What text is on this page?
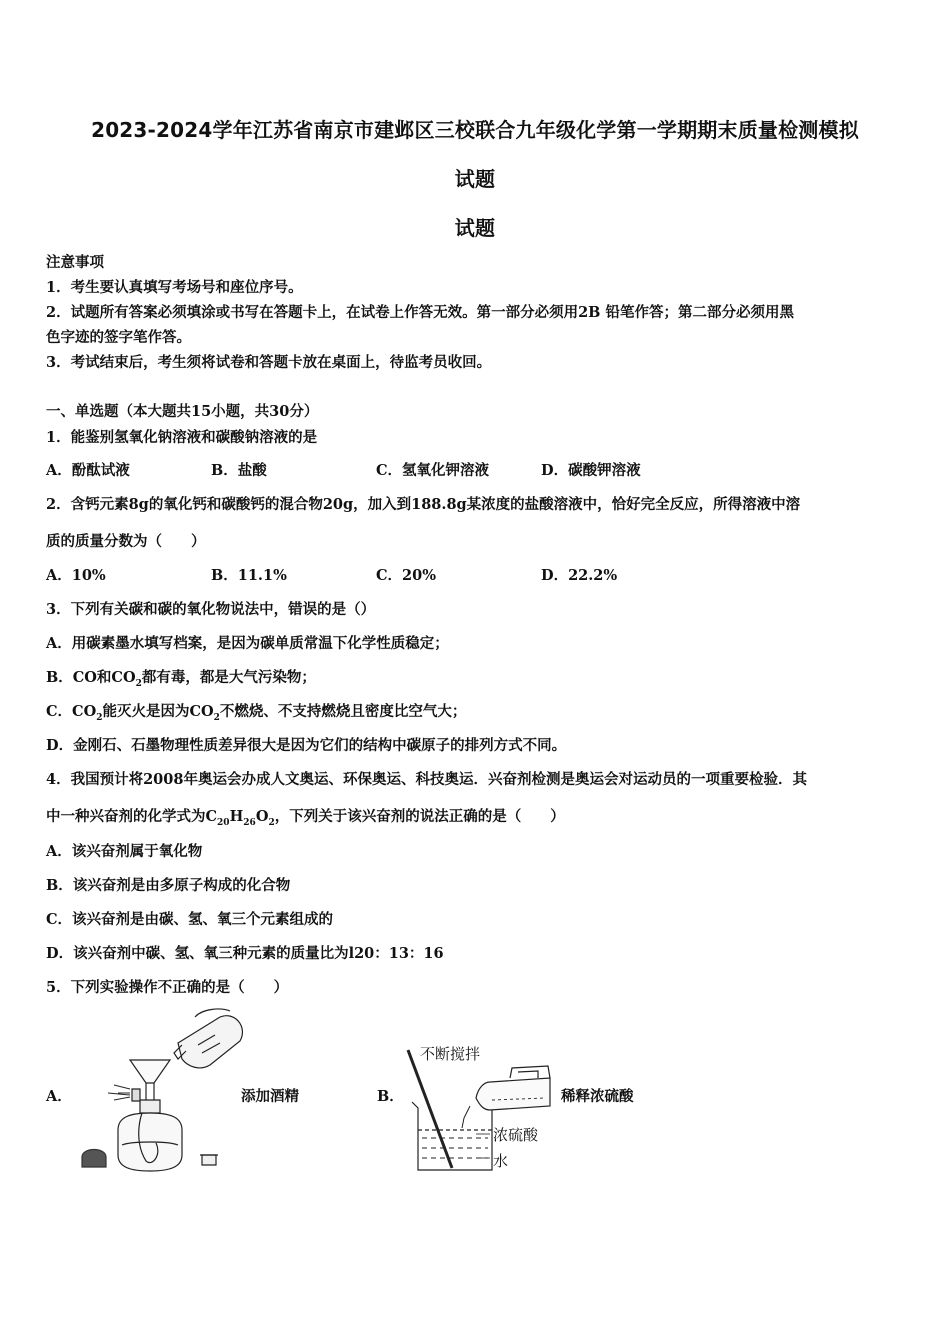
2023-2024学年江苏省南京市建邺区三校联合九年级化学第一学期期末质量检测模拟
试题
试题
注意事项
1．考生要认真填写考场号和座位序号。
2．试题所有答案必须填涂或书写在答题卡上，在试卷上作答无效。第一部分必须用2B 铅笔作答；第二部分必须用黑
色字迹的签字笔作答。
3．考试结束后，考生须将试卷和答题卡放在桌面上，待监考员收回。
一、单选题（本大题共15小题，共30分）
1．能鉴别氢氧化钠溶液和碳酸钠溶液的是
A．酚酞试液	B．盐酸	C．氢氧化钾溶液	D．碳酸钾溶液
2．含钙元素8g的氧化钙和碳酸钙的混合物20g，加入到188.8g某浓度的盐酸溶液中，恰好完全反应，所得溶液中溶
质的质量分数为（　　）
A．10%	B．11.1%	C．20%	D．22.2%
3．下列有关碳和碳的氧化物说法中，错误的是（）
A．用碳素墨水填写档案，是因为碳单质常温下化学性质稳定；
B．CO和$CO_2$都有毒，都是大气污染物；
C．$CO_2$能灭火是因为$CO_2$不燃烧、不支持燃烧且密度比空气大；
D．金刚石、石墨物理性质差异很大是因为它们的结构中碳原子的排列方式不同。
4．我国预计将2008年奥运会办成人文奥运、环保奥运、科技奥运．兴奋剂检测是奥运会对运动员的一项重要检验．其
中一种兴奋剂的化学式为$C_{20}H_{26}O_2$，下列关于该兴奋剂的说法正确的是（　　）
A．该兴奋剂属于氧化物
B．该兴奋剂是由多原子构成的化合物
C．该兴奋剂是由碳、氢、氧三个元素组成的
D．该兴奋剂中碳、氢、氧三种元素的质量比为l20：13：16
5．下列实验操作不正确的是（　　）
A．	添加酒精	B．
不断搅拌
浓硫酸
水
稀释浓硫酸
